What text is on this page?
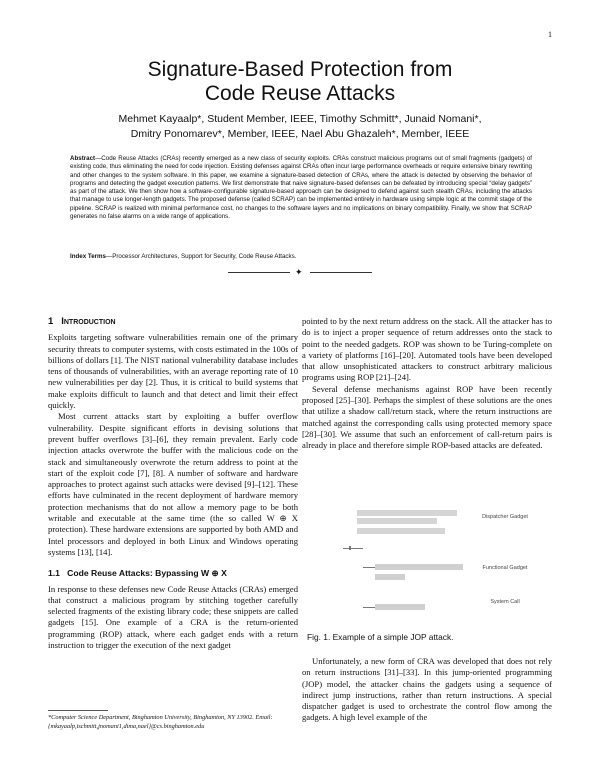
1
Signature-Based Protection from
Code Reuse Attacks
Mehmet Kayaalp*, Student Member, IEEE, Timothy Schmitt*, Junaid Nomani*,
Dmitry Ponomarev*, Member, IEEE, Nael Abu Ghazaleh*, Member, IEEE
Abstract—Code Reuse Attacks (CRAs) recently emerged as a new class of security exploits. CRAs construct malicious programs out of small fragments (gadgets) of existing code, thus eliminating the need for code injection. Existing defenses against CRAs often incur large performance overheads or require extensive binary rewriting and other changes to the system software. In this paper, we examine a signature-based detection of CRAs, where the attack is detected by observing the behavior of programs and detecting the gadget execution patterns. We first demonstrate that naive signature-based defenses can be defeated by introducing special “delay gadgets” as part of the attack. We then show how a software-configurable signature-based approach can be designed to defend against such stealth CRAs, including the attacks that manage to use longer-length gadgets. The proposed defense (called SCRAP) can be implemented entirely in hardware using simple logic at the commit stage of the pipeline. SCRAP is realized with minimal performance cost, no changes to the software layers and no implications on binary compatibility. Finally, we show that SCRAP generates no false alarms on a wide range of applications.
Index Terms—Processor Architectures, Support for Security, Code Reuse Attacks.
✦
1 Introduction

Exploits targeting software vulnerabilities remain one of the primary security threats to computer systems, with costs estimated in the 100s of billions of dollars [1]. The NIST national vulnerability database includes tens of thousands of vulnerabilities, with an average reporting rate of 10 new vulnerabilities per day [2]. Thus, it is critical to build systems that make exploits difficult to launch and that detect and limit their effect quickly.

Most current attacks start by exploiting a buffer overflow vulnerability. Despite significant efforts in devising solutions that prevent buffer overflows [3]–[6], they remain prevalent. Early code injection attacks overwrote the buffer with the malicious code on the stack and simultaneously overwrote the return address to point at the start of the exploit code [7], [8]. A number of software and hardware approaches to protect against such attacks were devised [9]–[12]. These efforts have culminated in the recent deployment of hardware memory protection mechanisms that do not allow a memory page to be both writable and executable at the same time (the so called W ⊕ X protection). These hardware extensions are supported by both AMD and Intel processors and deployed in both Linux and Windows operating systems [13], [14].

1.1 Code Reuse Attacks: Bypassing W ⊕ X

In response to these defenses new Code Reuse Attacks (CRAs) emerged that construct a malicious program by stitching together carefully selected fragments of the existing library code; these snippets are called gadgets [15]. One example of a CRA is the return-oriented programming (ROP) attack, where each gadget ends with a return instruction to trigger the execution of the next gadget

*Computer Science Department, Binghamton University, Binghamton, NY 13902. Email: {mkayaalp,tschmitt,jnomani1,dima,nael}@cs.binghamton.edu

pointed to by the next return address on the stack. All the attacker has to do is to inject a proper sequence of return addresses onto the stack to point to the needed gadgets. ROP was shown to be Turing-complete on a variety of platforms [16]–[20]. Automated tools have been developed that allow unsophisticated attackers to construct arbitrary malicious programs using ROP [21]–[24].

Several defense mechanisms against ROP have been recently proposed [25]–[30]. Perhaps the simplest of these solutions are the ones that utilize a shadow call/return stack, where the return instructions are matched against the corresponding calls using protected memory space [28]–[30]. We assume that such an enforcement of call-return pairs is already in place and therefore simple ROP-based attacks are defeated.

Dispatcher Gadget
Functional Gadget
System Call
Fig. 1. Example of a simple JOP attack.

Unfortunately, a new form of CRA was developed that does not rely on return instructions [31]–[33]. In this jump-oriented programming (JOP) model, the attacker chains the gadgets using a sequence of indirect jump instructions, rather than return instructions. A special dispatcher gadget is used to orchestrate the control flow among the gadgets. A high level example of the
